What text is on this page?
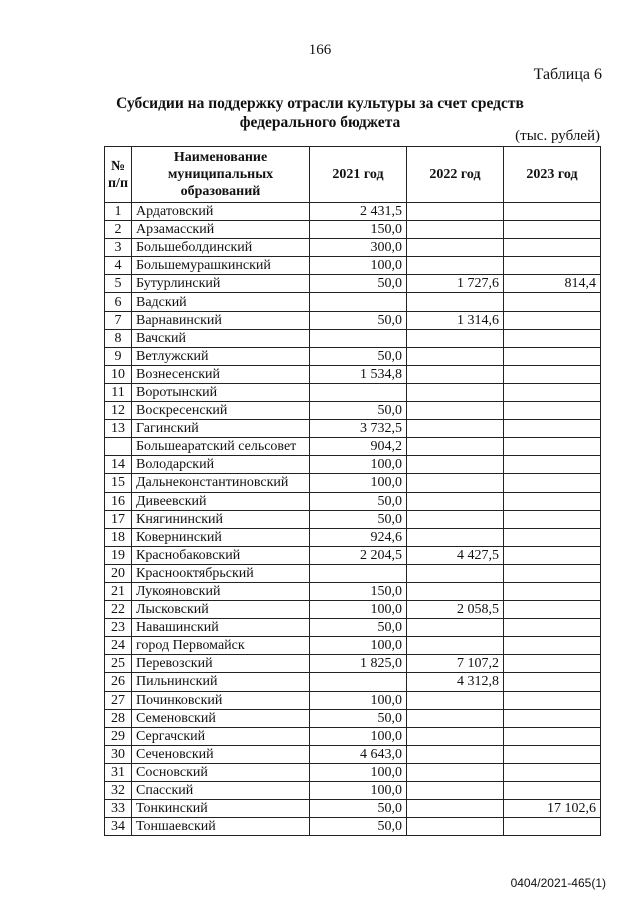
166
Таблица 6
Субсидии на поддержку отрасли культуры за счет средств
федерального бюджета
(тыс. рублей)
№ п/п	Наименование муниципальных образований	2021 год	2022 год	2023 год
1	Ардатовский	2 431,5		
2	Арзамасский	150,0		
3	Большеболдинский	300,0		
4	Большемурашкинский	100,0		
5	Бутурлинский	50,0	1 727,6	814,4
6	Вадский			
7	Варнавинский	50,0	1 314,6	
8	Вачский			
9	Ветлужский	50,0		
10	Вознесенский	1 534,8		
11	Воротынский			
12	Воскресенский	50,0		
13	Гагинский	3 732,5		
	Большеаратский сельсовет	904,2		
14	Володарский	100,0		
15	Дальнеконстантиновский	100,0		
16	Дивеевский	50,0		
17	Княгининский	50,0		
18	Ковернинский	924,6		
19	Краснобаковский	2 204,5	4 427,5	
20	Краснооктябрьский			
21	Лукояновский	150,0		
22	Лысковский	100,0	2 058,5	
23	Навашинский	50,0		
24	город Первомайск	100,0		
25	Перевозский	1 825,0	7 107,2	
26	Пильнинский		4 312,8	
27	Починковский	100,0		
28	Семеновский	50,0		
29	Сергачский	100,0		
30	Сеченовский	4 643,0		
31	Сосновский	100,0		
32	Спасский	100,0		
33	Тонкинский	50,0		17 102,6
34	Тоншаевский	50,0		
0404/2021-465(1)
